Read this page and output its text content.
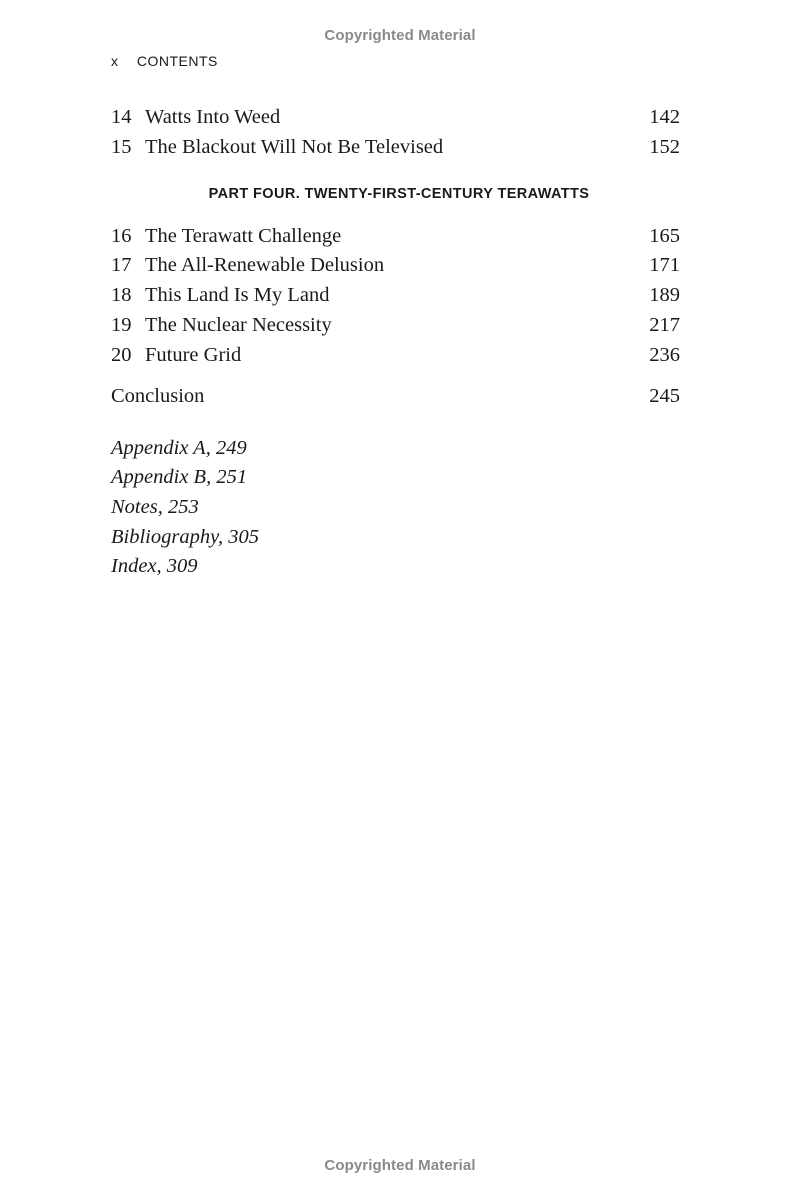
Copyrighted Material
x CONTENTS
14 Watts Into Weed	142
15 The Blackout Will Not Be Televised	152
PART FOUR. TWENTY-FIRST-CENTURY TERAWATTS
16 The Terawatt Challenge	165
17 The All-Renewable Delusion	171
18 This Land Is My Land	189
19 The Nuclear Necessity	217
20 Future Grid	236
Conclusion	245
Appendix A, 249
Appendix B, 251
Notes, 253
Bibliography, 305
Index, 309
Copyrighted Material
